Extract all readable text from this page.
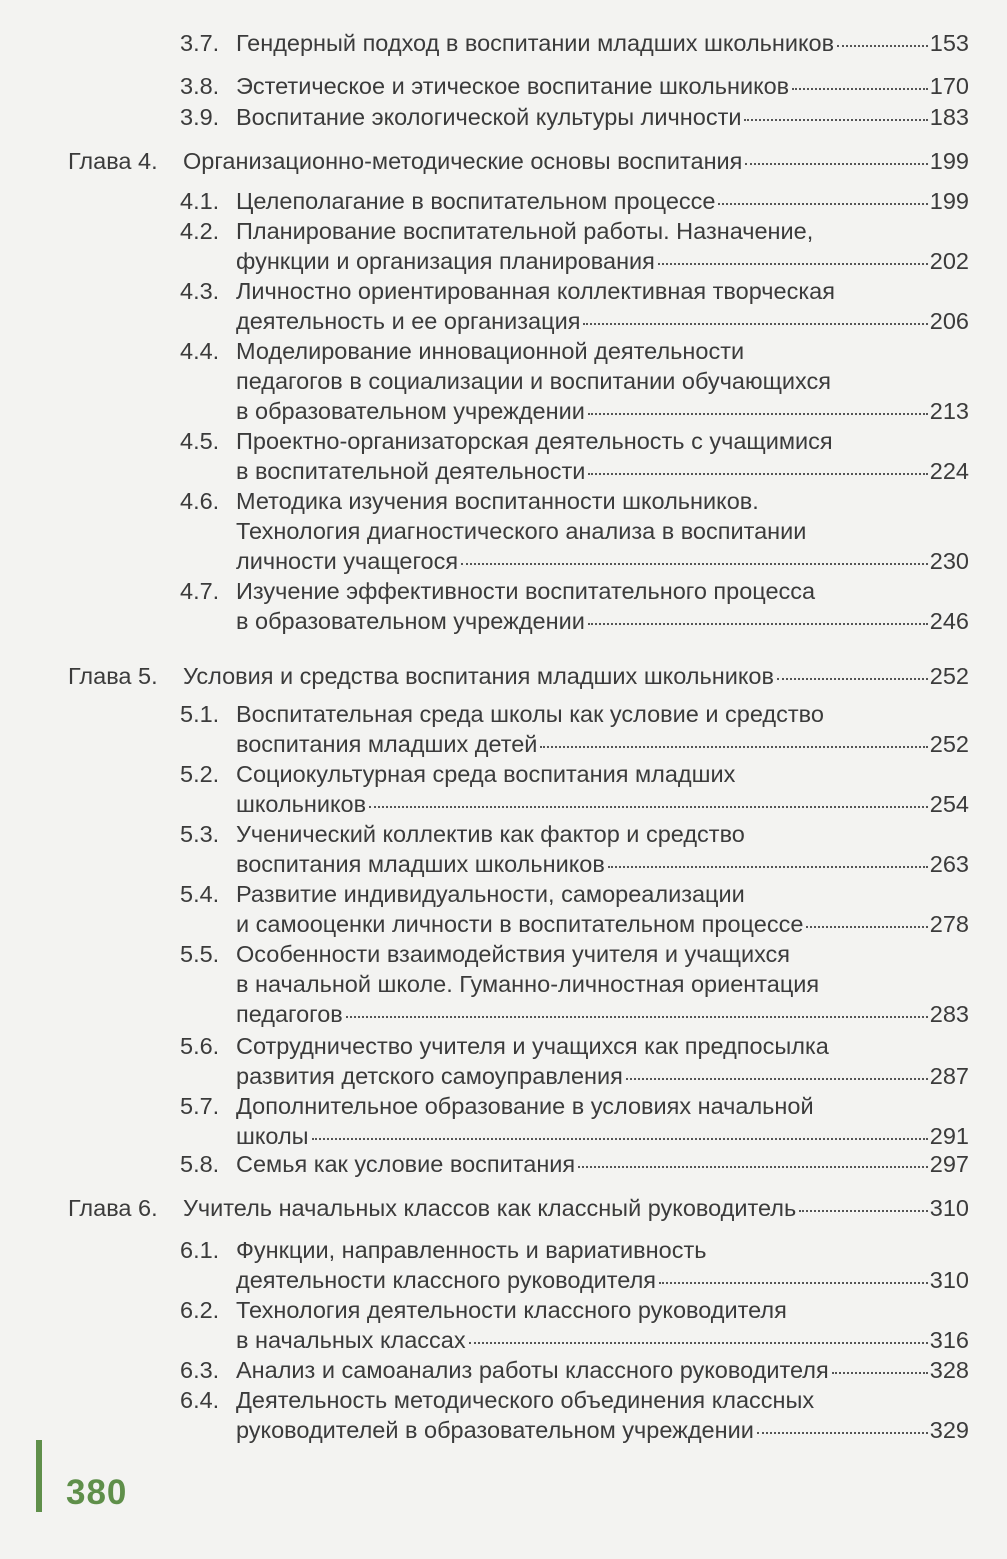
3.7. Гендерный подход в воспитании младших школьников	153
3.8. Эстетическое и этическое воспитание школьников	170
3.9. Воспитание экологической культуры личности	183
Глава 4. Организационно-методические основы воспитания	199
4.1. Целеполагание в воспитательном процессе	199
4.2. Планирование воспитательной работы. Назначение,
функции и организация планирования	202
4.3. Личностно ориентированная коллективная творческая
деятельность и ее организация	206
4.4. Моделирование инновационной деятельности
педагогов в социализации и воспитании обучающихся
в образовательном учреждении	213
4.5. Проектно-организаторская деятельность с учащимися
в воспитательной деятельности	224
4.6. Методика изучения воспитанности школьников.
Технология диагностического анализа в воспитании
личности учащегося	230
4.7. Изучение эффективности воспитательного процесса
в образовательном учреждении	246
Глава 5. Условия и средства воспитания младших школьников	252
5.1. Воспитательная среда школы как условие и средство
воспитания младших детей	252
5.2. Социокультурная среда воспитания младших
школьников	254
5.3. Ученический коллектив как фактор и средство
воспитания младших школьников	263
5.4. Развитие индивидуальности, самореализации
и самооценки личности в воспитательном процессе	278
5.5. Особенности взаимодействия учителя и учащихся
в начальной школе. Гуманно-личностная ориентация
педагогов	283
5.6. Сотрудничество учителя и учащихся как предпосылка
развития детского самоуправления	287
5.7. Дополнительное образование в условиях начальной
школы	291
5.8. Семья как условие воспитания	297
Глава 6. Учитель начальных классов как классный руководитель	310
6.1. Функции, направленность и вариативность
деятельности классного руководителя	310
6.2. Технология деятельности классного руководителя
в начальных классах	316
6.3. Анализ и самоанализ работы классного руководителя	328
6.4. Деятельность методического объединения классных
руководителей в образовательном учреждении	329
380
